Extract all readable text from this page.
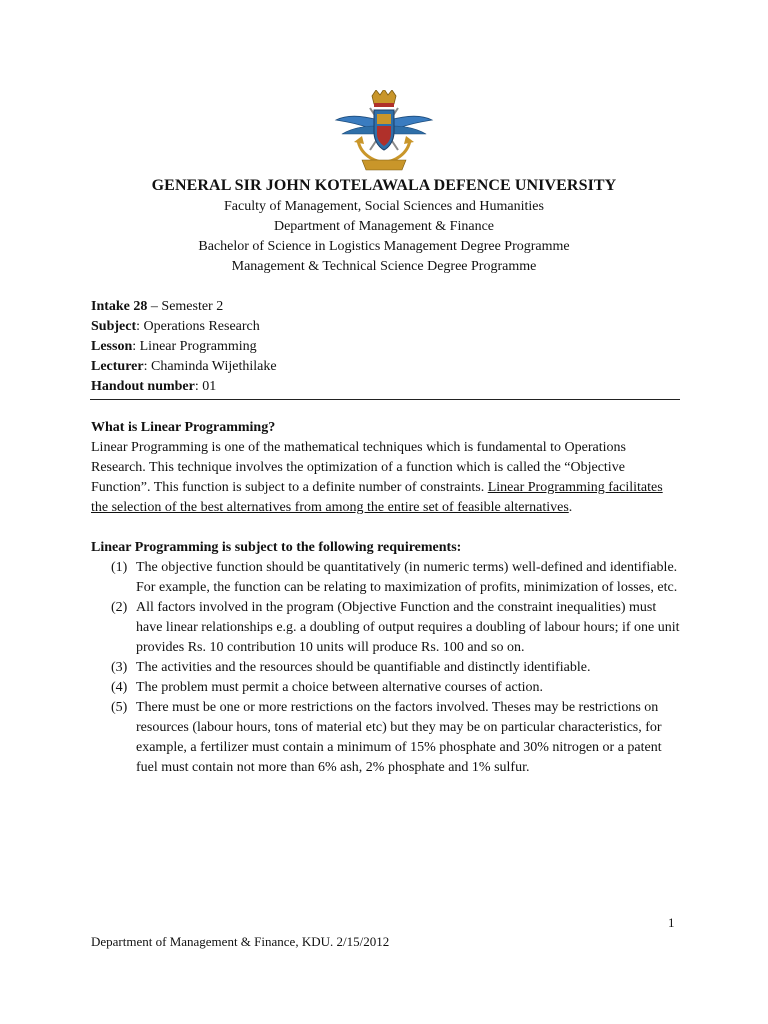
GENERAL SIR JOHN KOTELAWALA DEFENCE UNIVERSITY
Faculty of Management, Social Sciences and Humanities
Department of Management & Finance
Bachelor of Science in Logistics Management Degree Programme
Management & Technical Science Degree Programme
Intake 28 – Semester 2
Subject: Operations Research
Lesson: Linear Programming
Lecturer: Chaminda Wijethilake
Handout number: 01
What is Linear Programming?

Linear Programming is one of the mathematical techniques which is fundamental to Operations Research. This technique involves the optimization of a function which is called the “Objective Function”. This function is subject to a definite number of constraints. Linear Programming facilitates the selection of the best alternatives from among the entire set of feasible alternatives.

Linear Programming is subject to the following requirements:
(1) The objective function should be quantitatively (in numeric terms) well-defined and identifiable. For example, the function can be relating to maximization of profits, minimization of losses, etc.
(2) All factors involved in the program (Objective Function and the constraint inequalities) must have linear relationships e.g. a doubling of output requires a doubling of labour hours; if one unit provides Rs. 10 contribution 10 units will produce Rs. 100 and so on.
(3) The activities and the resources should be quantifiable and distinctly identifiable.
(4) The problem must permit a choice between alternative courses of action.
(5) There must be one or more restrictions on the factors involved. Theses may be restrictions on resources (labour hours, tons of material etc) but they may be on particular characteristics, for example, a fertilizer must contain a minimum of 15% phosphate and 30% nitrogen or a patent fuel must contain not more than 6% ash, 2% phosphate and 1% sulfur.
1
Department of Management & Finance, KDU. 2/15/2012
